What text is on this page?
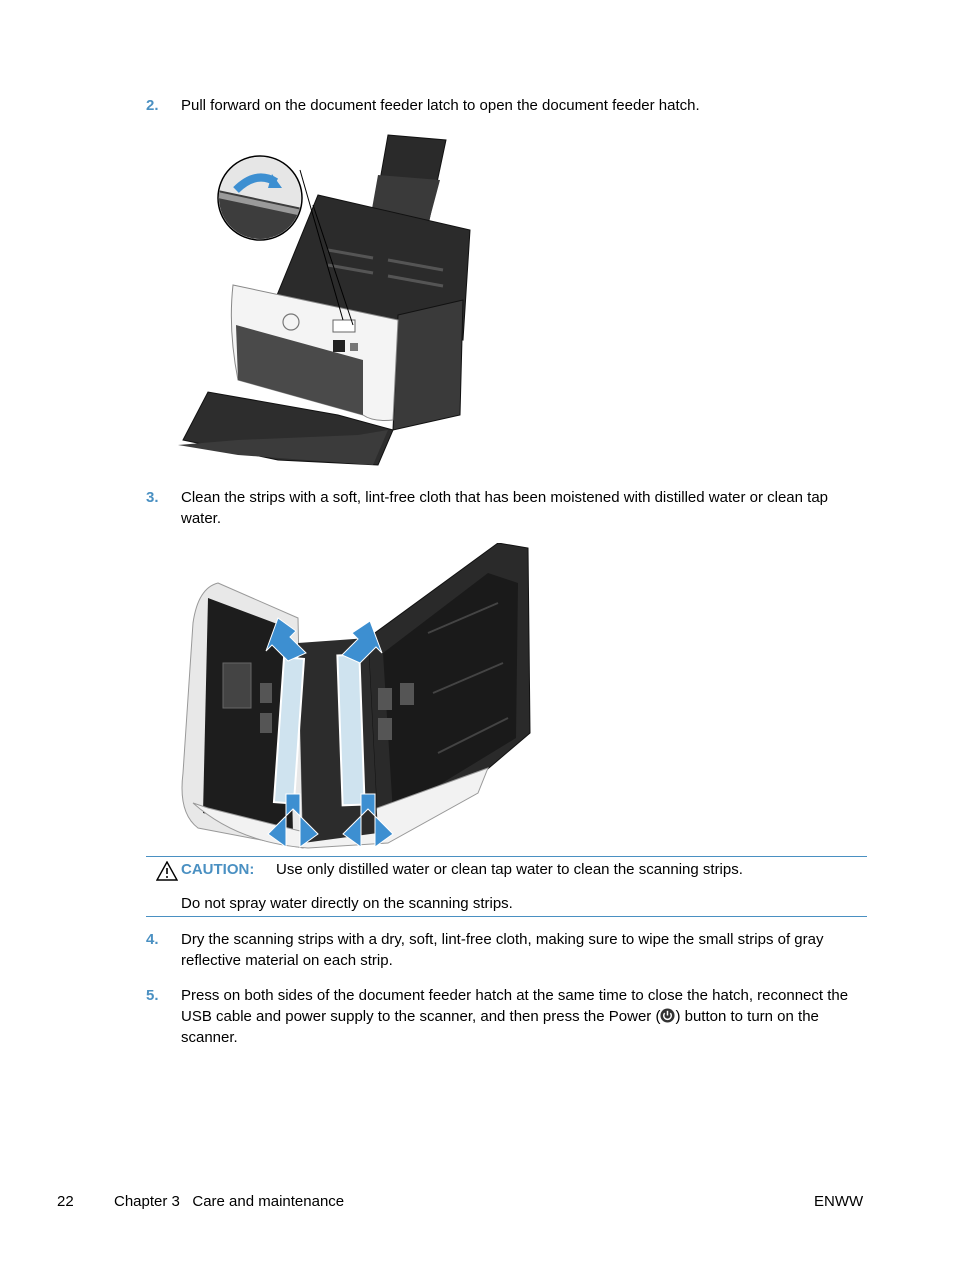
2. Pull forward on the document feeder latch to open the document feeder hatch.
3. Clean the strips with a soft, lint-free cloth that has been moistened with distilled water or clean tap water.
CAUTION: Use only distilled water or clean tap water to clean the scanning strips.
Do not spray water directly on the scanning strips.
4. Dry the scanning strips with a dry, soft, lint-free cloth, making sure to wipe the small strips of gray reflective material on each strip.
5. Press on both sides of the document feeder hatch at the same time to close the hatch, reconnect the USB cable and power supply to the scanner, and then press the Power ( ) button to turn on the scanner.
22	Chapter 3   Care and maintenance	ENWW
